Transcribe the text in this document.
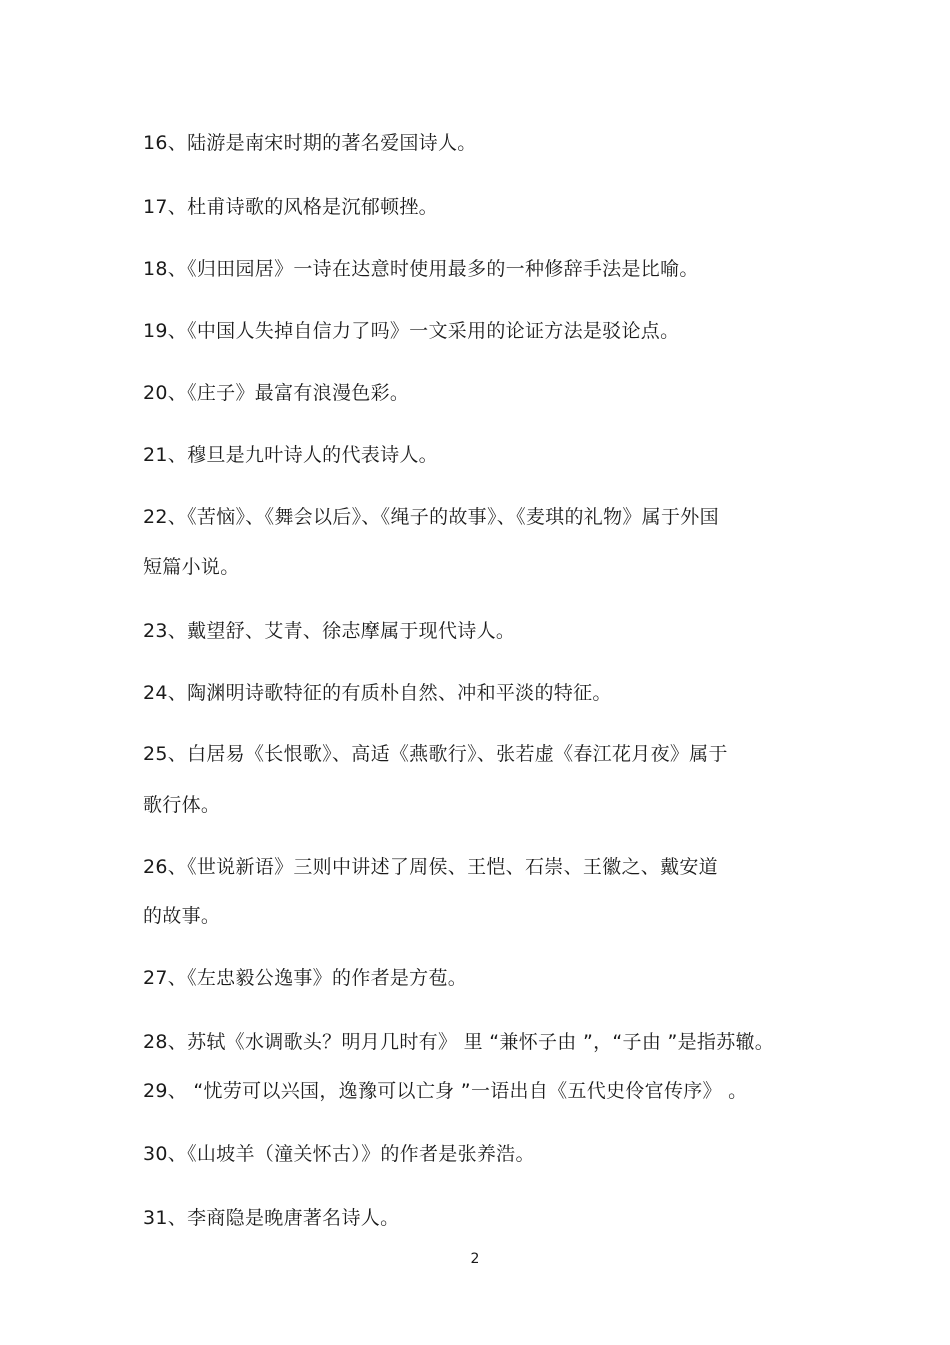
16、陆游是南宋时期的著名爱国诗人。
17、杜甫诗歌的风格是沉郁顿挫。
18、《归田园居》一诗在达意时使用最多的一种修辞手法是比喻。
19、《中国人失掉自信力了吗》一文采用的论证方法是驳论点。
20、《庄子》最富有浪漫色彩。
21、穆旦是九叶诗人的代表诗人。
22、《苦恼》、《舞会以后》、《绳子的故事》、《麦琪的礼物》属于外国
短篇小说。
23、戴望舒、艾青、徐志摩属于现代诗人。
24、陶渊明诗歌特征的有质朴自然、冲和平淡的特征。
25、白居易《长恨歌》、高适《燕歌行》、张若虚《春江花月夜》属于
歌行体。
26、《世说新语》三则中讲述了周侯、王恺、石崇、王徽之、戴安道
的故事。
27、《左忠毅公逸事》的作者是方苞。
28、苏轼《水调歌头？明月几时有》 里 “兼怀子由 ”，“子由 ”是指苏辙。
29、 “忧劳可以兴国，逸豫可以亡身 ”一语出自《五代史伶官传序》 。
30、《山坡羊（潼关怀古）》的作者是张养浩。
31、李商隐是晚唐著名诗人。
2
